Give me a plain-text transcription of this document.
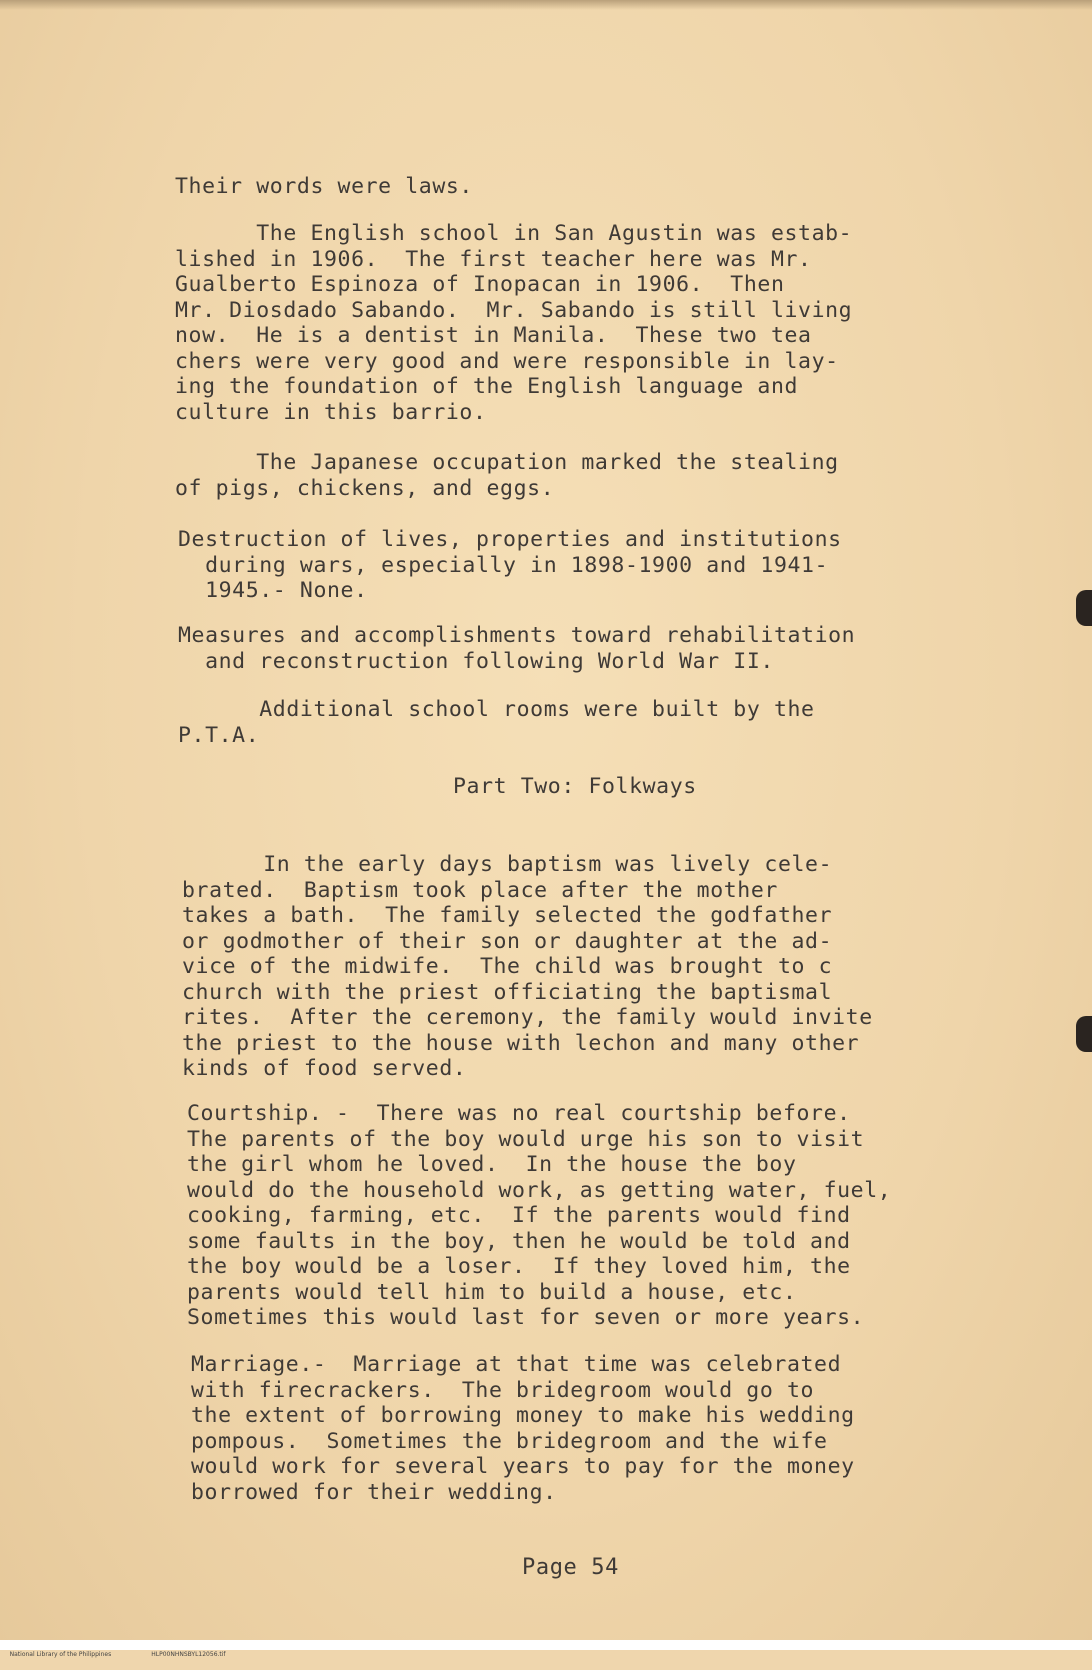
Their words were laws.
The English school in San Agustin was estab-
lished in 1906.  The first teacher here was Mr.
Gualberto Espinoza of Inopacan in 1906.  Then
Mr. Diosdado Sabando.  Mr. Sabando is still living
now.  He is a dentist in Manila.  These two tea
chers were very good and were responsible in lay-
ing the foundation of the English language and
culture in this barrio.
The Japanese occupation marked the stealing
of pigs, chickens, and eggs.
Destruction of lives, properties and institutions
during wars, especially in 1898-1900 and 1941-
1945.- None.
Measures and accomplishments toward rehabilitation
and reconstruction following World War II.
Additional school rooms were built by the
P.T.A.
Part Two: Folkways
In the early days baptism was lively cele-
brated.  Baptism took place after the mother
takes a bath.  The family selected the godfather
or godmother of their son or daughter at the ad-
vice of the midwife.  The child was brought to c
church with the priest officiating the baptismal
rites.  After the ceremony, the family would invite
the priest to the house with lechon and many other
kinds of food served.
Courtship. -  There was no real courtship before.
The parents of the boy would urge his son to visit
the girl whom he loved.  In the house the boy
would do the household work, as getting water, fuel,
cooking, farming, etc.  If the parents would find
some faults in the boy, then he would be told and
the boy would be a loser.  If they loved him, the
parents would tell him to build a house, etc.
Sometimes this would last for seven or more years.
Marriage.-  Marriage at that time was celebrated
with firecrackers.  The bridegroom would go to
the extent of borrowing money to make his wedding
pompous.  Sometimes the bridegroom and the wife
would work for several years to pay for the money
borrowed for their wedding.
Page 54

National Library of the Philippines	HLP00NHNSBYL12056.tif
